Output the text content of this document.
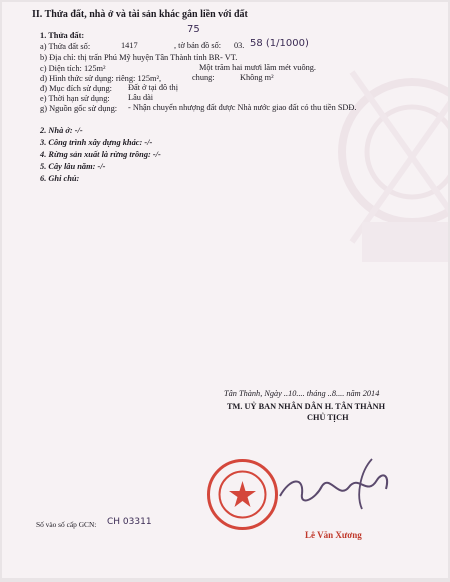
II. Thửa đất, nhà ở và tài sản khác gắn liền với đất
1. Thửa đất:
75
58 (1/1000)
a) Thửa đất số:	1417	, tờ bản đồ số: 03.
b) Địa chỉ: thị trấn Phú Mỹ huyện Tân Thành tỉnh BR- VT.
c) Diện tích: 125m²	Một trăm hai mươi lăm mét vuông.
d) Hình thức sử dụng: riêng: 125m²,	chung:	Không m²
đ) Mục đích sử dụng: Đất ở tại đô thị
e) Thời hạn sử dụng: Lâu dài
g) Nguồn gốc sử dụng: - Nhận chuyển nhượng đất được Nhà nước giao đất có thu tiền SDĐ.
2. Nhà ở: -/-
3. Công trình xây dựng khác: -/-
4. Rừng sản xuất là rừng trồng: -/-
5. Cây lâu năm: -/-
6. Ghi chú:
Tân Thành, Ngày ..10.... tháng ..8.... năm 2014
TM. UỶ BAN NHÂN DÂN H. TÂN THÀNH
CHỦ TỊCH
Lê Văn Xương
Số vào số cấp GCN: CH 03311
